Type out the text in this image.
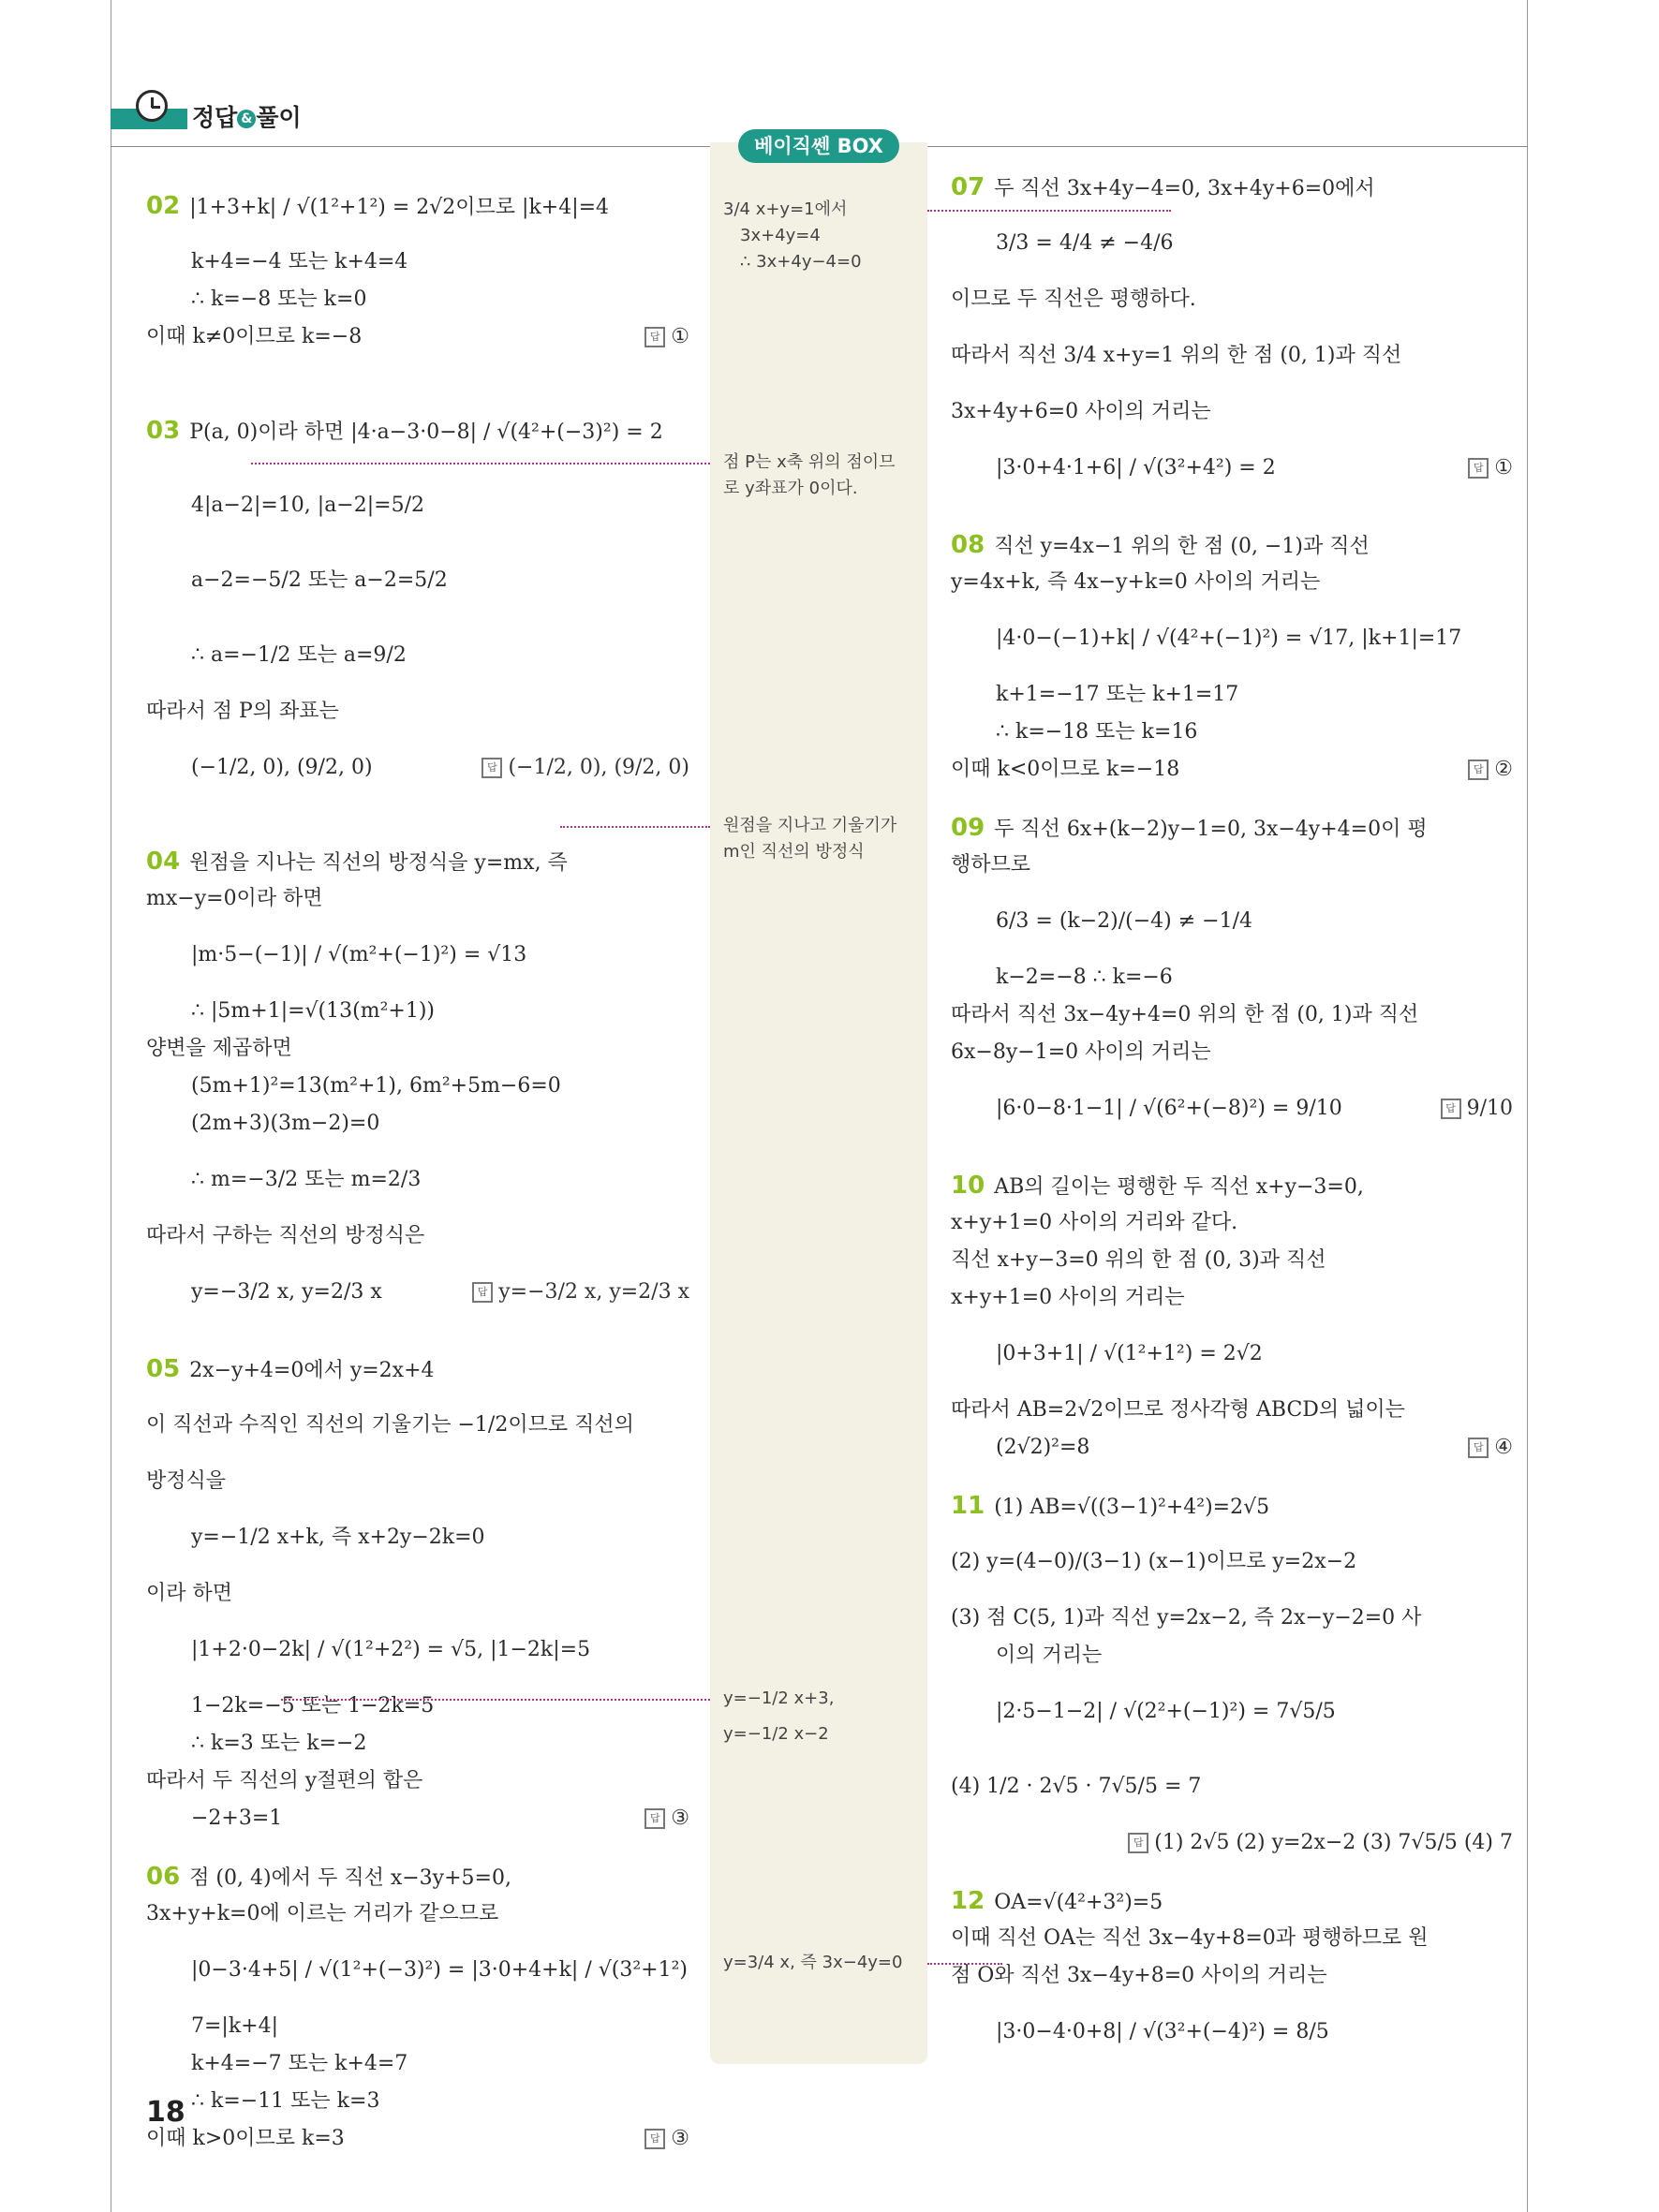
정답 & 풀이
베이직쎈 BOX
02 |1+3+k| / √(1²+1²) = 2√2이므로 |k+4|=4
k+4=−4 또는 k+4=4
∴ k=−8 또는 k=0
이때 k≠0이므로 k=−8	답 ①
03 P(a, 0)이라 하면 |4·a−3·0−8| / √(4²+(−3)²) = 2
4|a−2|=10, |a−2|=5/2
a−2=−5/2 또는 a−2=5/2
∴ a=−1/2 또는 a=9/2
따라서 점 P의 좌표는
(−1/2, 0), (9/2, 0)	답 (−1/2, 0), (9/2, 0)
04 원점을 지나는 직선의 방정식을 y=mx, 즉
mx−y=0이라 하면
|m·5−(−1)| / √(m²+(−1)²) = √13
∴ |5m+1|=√(13(m²+1))
양변을 제곱하면
(5m+1)²=13(m²+1), 6m²+5m−6=0
(2m+3)(3m−2)=0
∴ m=−3/2 또는 m=2/3
따라서 구하는 직선의 방정식은
y=−3/2 x, y=2/3 x	답 y=−3/2 x, y=2/3 x
05 2x−y+4=0에서 y=2x+4
이 직선과 수직인 직선의 기울기는 −1/2이므로 직선의
방정식을
y=−1/2 x+k, 즉 x+2y−2k=0
이라 하면
|1+2·0−2k| / √(1²+2²) = √5, |1−2k|=5
1−2k=−5 또는 1−2k=5
∴ k=3 또는 k=−2
따라서 두 직선의 y절편의 합은
−2+3=1	답 ③
06 점 (0, 4)에서 두 직선 x−3y+5=0,
3x+y+k=0에 이르는 거리가 같으므로
|0−3·4+5| / √(1²+(−3)²) = |3·0+4+k| / √(3²+1²)
7=|k+4|
k+4=−7 또는 k+4=7
∴ k=−11 또는 k=3
이때 k>0이므로 k=3	답 ③
3/4 x+y=1에서
3x+4y=4
∴ 3x+4y−4=0
점 P는 x축 위의 점이므
로 y좌표가 0이다.
원점을 지나고 기울기가
m인 직선의 방정식
y=−1/2 x+3,
y=−1/2 x−2
y=3/4 x, 즉 3x−4y=0
07 두 직선 3x+4y−4=0, 3x+4y+6=0에서
3/3 = 4/4 ≠ −4/6
이므로 두 직선은 평행하다.
따라서 직선 3/4 x+y=1 위의 한 점 (0, 1)과 직선
3x+4y+6=0 사이의 거리는
|3·0+4·1+6| / √(3²+4²) = 2	답 ①
08 직선 y=4x−1 위의 한 점 (0, −1)과 직선
y=4x+k, 즉 4x−y+k=0 사이의 거리는
|4·0−(−1)+k| / √(4²+(−1)²) = √17, |k+1|=17
k+1=−17 또는 k+1=17
∴ k=−18 또는 k=16
이때 k<0이므로 k=−18	답 ②
09 두 직선 6x+(k−2)y−1=0, 3x−4y+4=0이 평
행하므로
6/3 = (k−2)/(−4) ≠ −1/4
k−2=−8 ∴ k=−6
따라서 직선 3x−4y+4=0 위의 한 점 (0, 1)과 직선
6x−8y−1=0 사이의 거리는
|6·0−8·1−1| / √(6²+(−8)²) = 9/10	답 9/10
10 AB의 길이는 평행한 두 직선 x+y−3=0,
x+y+1=0 사이의 거리와 같다.
직선 x+y−3=0 위의 한 점 (0, 3)과 직선
x+y+1=0 사이의 거리는
|0+3+1| / √(1²+1²) = 2√2
따라서 AB=2√2이므로 정사각형 ABCD의 넓이는
(2√2)²=8	답 ④
11 (1) AB=√((3−1)²+4²)=2√5
(2) y=(4−0)/(3−1) (x−1)이므로 y=2x−2
(3) 점 C(5, 1)과 직선 y=2x−2, 즉 2x−y−2=0 사
이의 거리는
|2·5−1−2| / √(2²+(−1)²) = 7√5/5
(4) 1/2 · 2√5 · 7√5/5 = 7
답 (1) 2√5 (2) y=2x−2 (3) 7√5/5 (4) 7
12 OA=√(4²+3²)=5
이때 직선 OA는 직선 3x−4y+8=0과 평행하므로 원
점 O와 직선 3x−4y+8=0 사이의 거리는
|3·0−4·0+8| / √(3²+(−4)²) = 8/5
18
